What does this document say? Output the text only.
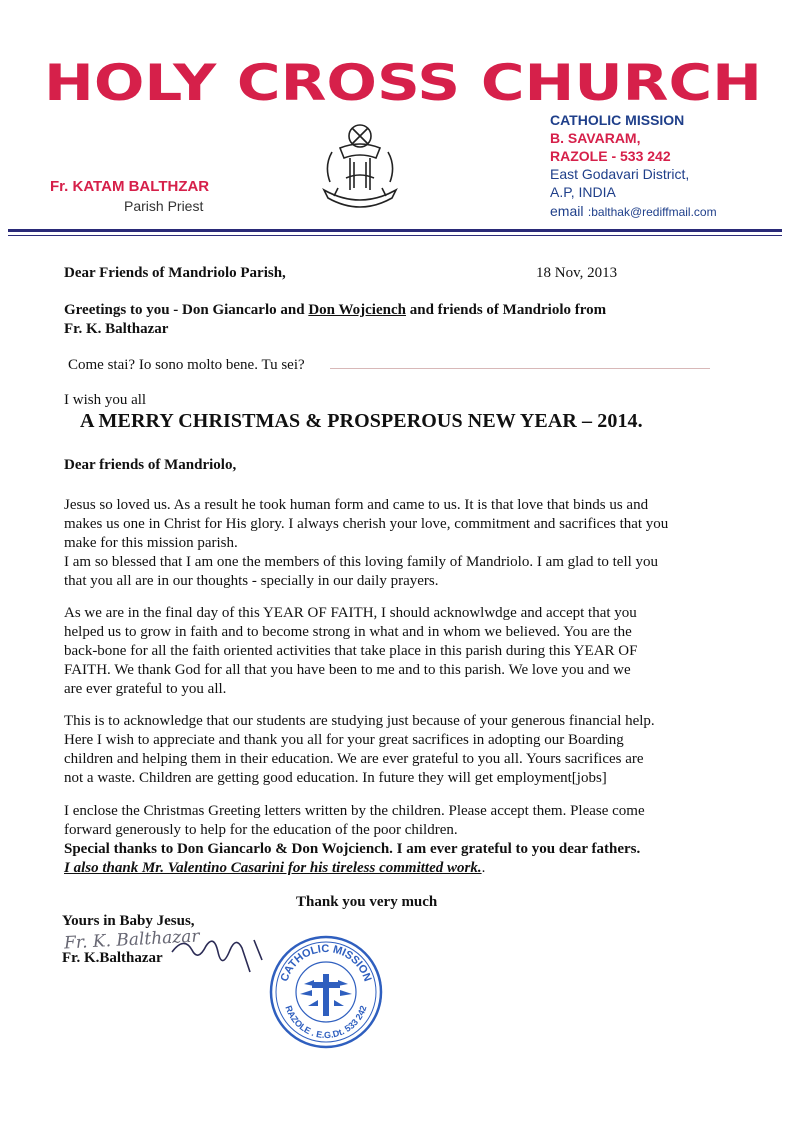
HOLY CROSS CHURCH
Fr. KATAM BALTHZAR
Parish Priest
CATHOLIC MISSION
B. SAVARAM,
RAZOLE - 533 242
East Godavari District,
A.P, INDIA
email :balthak@rediffmail.com
Dear Friends of Mandriolo Parish,	18 Nov, 2013
Greetings to you - Don Giancarlo and Don Wojciench and friends of Mandriolo from
Fr. K. Balthazar
Come stai? Io sono molto bene. Tu sei?
I wish you all
A MERRY CHRISTMAS & PROSPEROUS NEW YEAR – 2014.
Dear friends of Mandriolo,
Jesus so loved us. As a result he took human form and came to us. It is that love that binds us and
makes us one in Christ for His glory. I always cherish your love, commitment and sacrifices that you
make for this mission parish.
I am so blessed that I am one the members of this loving family of Mandriolo. I am glad to tell you
that you all are in our thoughts - specially in our daily prayers.
As we are in the final day of this YEAR OF FAITH, I should acknowlwdge and accept that you
helped us to grow in faith and to become strong in what and in whom we believed. You are the
back-bone for all the faith oriented activities that take place in this parish during this YEAR OF
FAITH. We thank God for all that you have been to me and to this parish. We love you and we
are ever grateful to you all.
This is to acknowledge that our students are studying just because of your generous financial help.
Here I wish to appreciate and thank you all for your great sacrifices in adopting our Boarding
children and helping them in their education. We are ever grateful to you all. Yours sacrifices are
not a waste. Children are getting good education. In future they will get employment[jobs]
I enclose the Christmas Greeting letters written by the children. Please accept them. Please come
forward generously to help for the education of the poor children.
Special thanks to Don Giancarlo & Don Wojciench. I am ever grateful to you dear fathers.
I also thank Mr. Valentino Casarini for his tireless committed work..
Thank you very much
Yours in Baby Jesus,
Fr. K. Balthazar
Fr. K.Balthazar
CATHOLIC MISSION
RAZOLE . E.G.Dt. 533 242
